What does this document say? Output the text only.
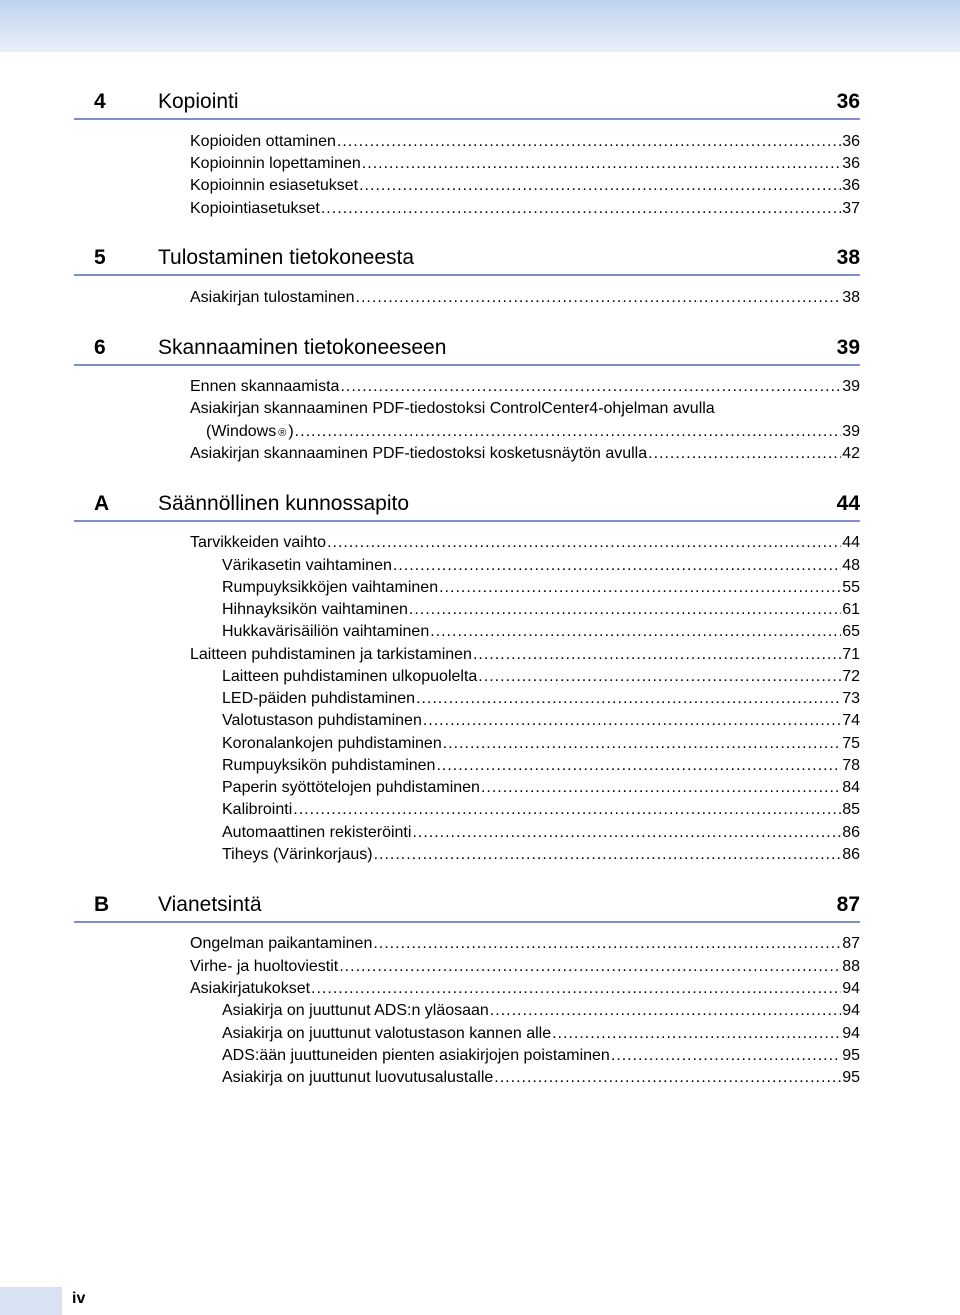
4 Kopiointi	36
Kopioiden ottaminen .....	36
Kopioinnin lopettaminen .....	36
Kopioinnin esiasetukset .....	36
Kopiointiasetukset .....	37
5 Tulostaminen tietokoneesta	38
Asiakirjan tulostaminen .....	38
6 Skannaaminen tietokoneeseen	39
Ennen skannaamista .....	39
Asiakirjan skannaaminen PDF-tiedostoksi ControlCenter4-ohjelman avulla
(Windows ® ) .....	39
Asiakirjan skannaaminen PDF-tiedostoksi kosketusnäytön avulla .....	42
A Säännöllinen kunnossapito	44
Tarvikkeiden vaihto .....	44
Värikasetin vaihtaminen .....	48
Rumpuyksikköjen vaihtaminen .....	55
Hihnayksikön vaihtaminen .....	61
Hukkavärisäiliön vaihtaminen .....	65
Laitteen puhdistaminen ja tarkistaminen .....	71
Laitteen puhdistaminen ulkopuolelta .....	72
LED-päiden puhdistaminen .....	73
Valotustason puhdistaminen .....	74
Koronalankojen puhdistaminen .....	75
Rumpuyksikön puhdistaminen .....	78
Paperin syöttötelojen puhdistaminen .....	84
Kalibrointi .....	85
Automaattinen rekisteröinti .....	86
Tiheys (Värinkorjaus) .....	86
B Vianetsintä	87
Ongelman paikantaminen .....	87
Virhe- ja huoltoviestit .....	88
Asiakirjatukokset .....	94
Asiakirja on juuttunut ADS:n yläosaan .....	94
Asiakirja on juuttunut valotustason kannen alle .....	94
ADS:ään juuttuneiden pienten asiakirjojen poistaminen .....	95
Asiakirja on juuttunut luovutusalustalle .....	95
iv
